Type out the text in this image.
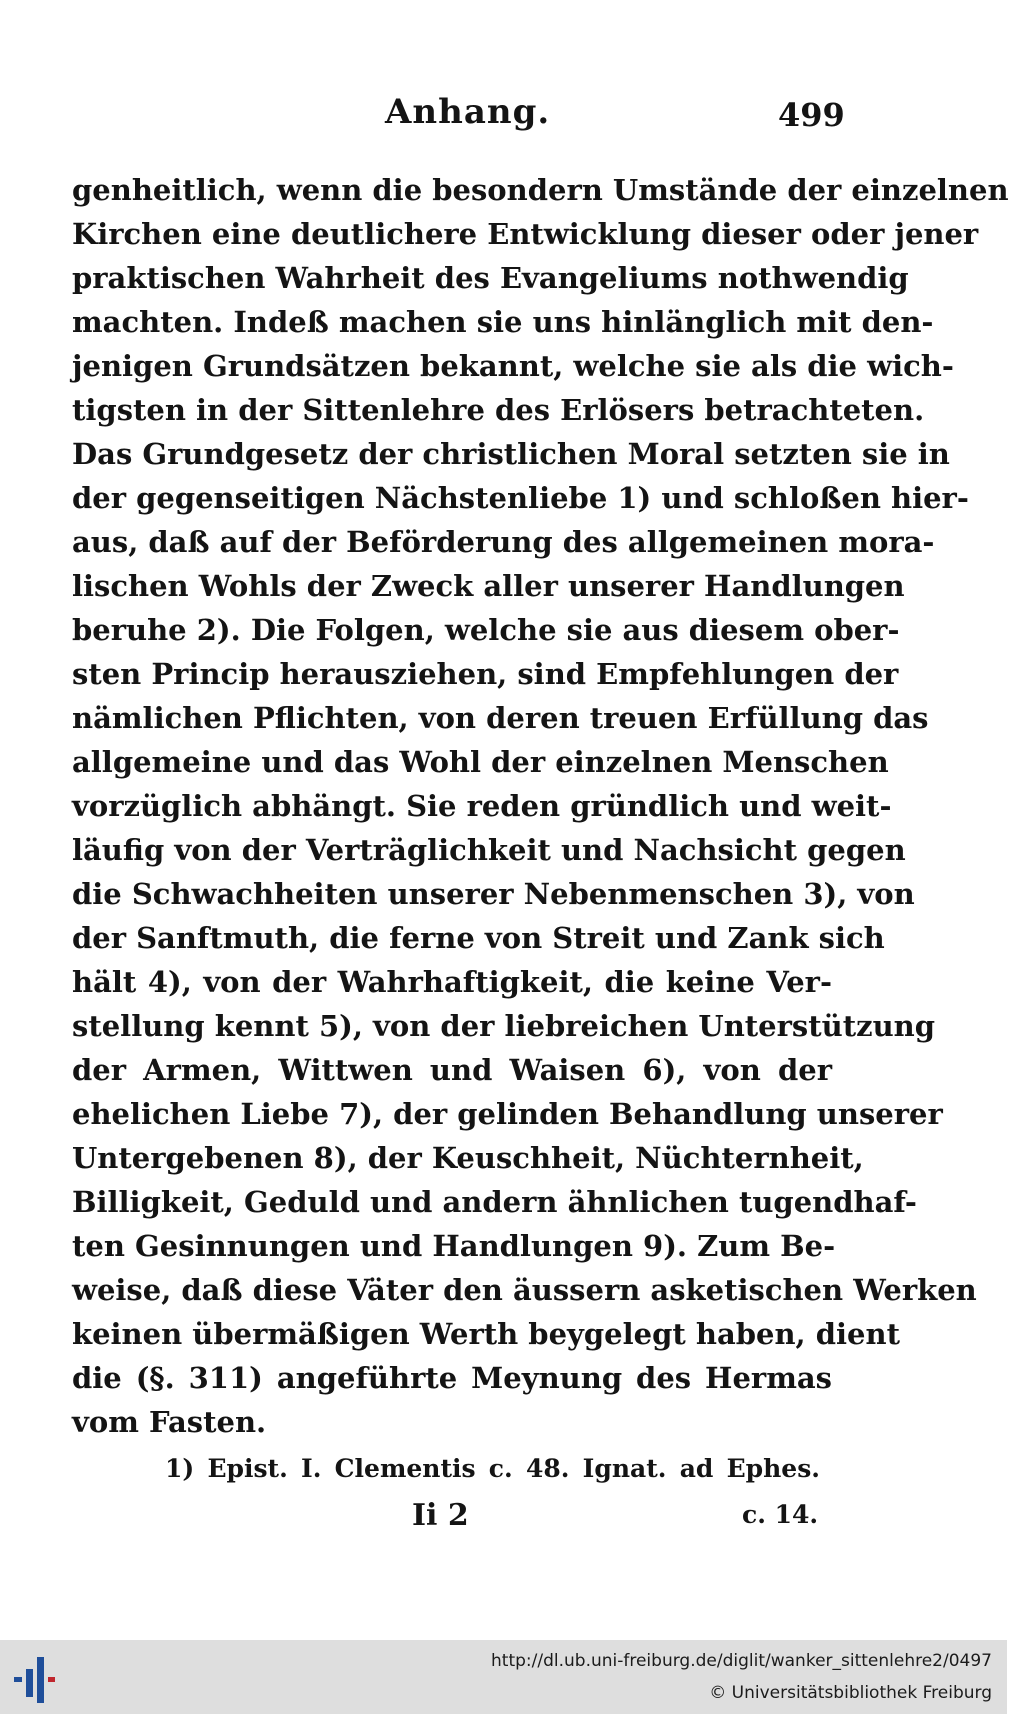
Anhang.	499
genheitlich, wenn die besondern Umstände der einzelnen
Kirchen eine deutlichere Entwicklung dieser oder jener
praktischen Wahrheit des Evangeliums nothwendig
machten. Indeß machen sie uns hinlänglich mit den-
jenigen Grundsätzen bekannt, welche sie als die wich-
tigsten in der Sittenlehre des Erlösers betrachteten.
Das Grundgesetz der christlichen Moral setzten sie in
der gegenseitigen Nächstenliebe 1) und schloßen hier-
aus, daß auf der Beförderung des allgemeinen mora-
lischen Wohls der Zweck aller unserer Handlungen
beruhe 2). Die Folgen, welche sie aus diesem ober-
sten Princip herausziehen, sind Empfehlungen der
nämlichen Pflichten, von deren treuen Erfüllung das
allgemeine und das Wohl der einzelnen Menschen
vorzüglich abhängt. Sie reden gründlich und weit-
läufig von der Verträglichkeit und Nachsicht gegen
die Schwachheiten unserer Nebenmenschen 3), von
der Sanftmuth, die ferne von Streit und Zank sich
hält 4), von der Wahrhaftigkeit, die keine Ver-
stellung kennt 5), von der liebreichen Unterstützung
der Armen, Wittwen und Waisen 6), von der
ehelichen Liebe 7), der gelinden Behandlung unserer
Untergebenen 8), der Keuschheit, Nüchternheit,
Billigkeit, Geduld und andern ähnlichen tugendhaf-
ten Gesinnungen und Handlungen 9). Zum Be-
weise, daß diese Väter den äussern asketischen Werken
keinen übermäßigen Werth beygelegt haben, dient
die (§. 311) angeführte Meynung des Hermas
vom Fasten.
1) Epist. I. Clementis c. 48. Ignat. ad Ephes.
Ii 2	c. 14.
http://dl.ub.uni-freiburg.de/diglit/wanker_sittenlehre2/0497
© Universitätsbibliothek Freiburg
